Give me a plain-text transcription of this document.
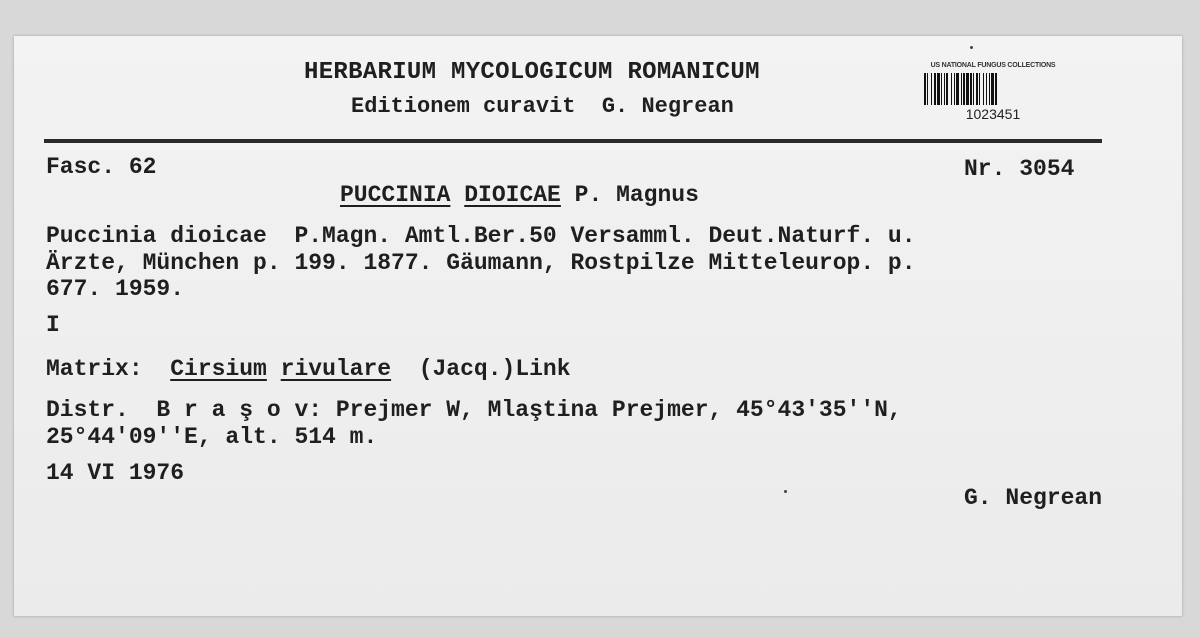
HERBARIUM MYCOLOGICUM ROMANICUM
Editionem curavit  G. Negrean
US NATIONAL FUNGUS COLLECTIONS
1023451
Fasc. 62	Nr. 3054
PUCCINIA DIOICAE P. Magnus
Puccinia dioicae  P.Magn. Amtl.Ber.50 Versamml. Deut.Naturf. u.
Ärzte, München p. 199. 1877. Gäumann, Rostpilze Mitteleurop. p.
677. 1959.
I
Matrix:  Cirsium rivulare  (Jacq.)Link
Distr.  B r a ş o v: Prejmer W, Mlaştina Prejmer, 45°43'35''N,
25°44'09''E, alt. 514 m.
14 VI 1976
G. Negrean
